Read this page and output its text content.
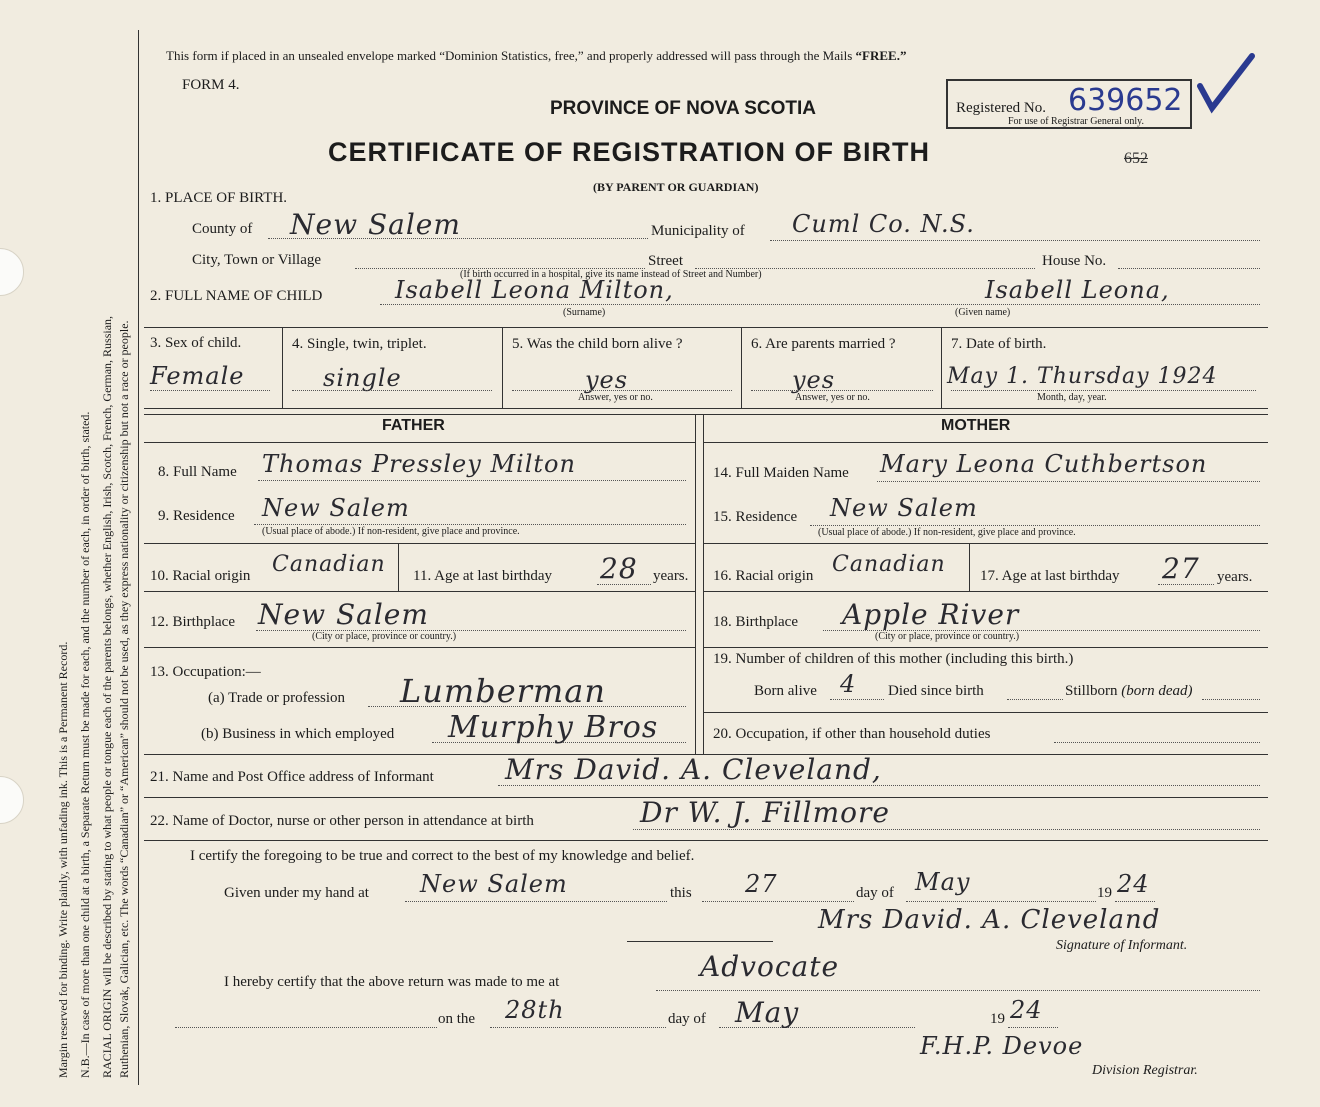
Margin reserved for binding. Write plainly, with unfading ink. This is a Permanent Record. N.B.—In case of more than one child at a birth, a Separate Return must be made for each, and the number of each, in order of birth, stated. RACIAL ORIGIN will be described by stating to what people or tongue each of the parents belongs, whether English, Irish, Scotch, French, German, Russian, Ruthenian, Slovak, Galician, etc. The words “Canadian” or “American” should not be used, as they express nationality or citizenship but not a race or people.
This form if placed in an unsealed envelope marked “Dominion Statistics, free,” and properly addressed will pass through the Mails “FREE.”
FORM 4.
PROVINCE OF NOVA SCOTIA
CERTIFICATE OF REGISTRATION OF BIRTH
(BY PARENT OR GUARDIAN)
Registered No. 639652
For use of Registrar General only.
652
1. PLACE OF BIRTH.
County of New Salem	Municipality of Cuml Co. N.S.
City, Town or Village	Street	House No.
(If birth occurred in a hospital, give its name instead of Street and Number)
2. FULL NAME OF CHILD	Isabell Leona Milton,	Isabell Leona,
(Surname)	(Given name)
3. Sex of child.
Female
4. Single, twin, triplet.
single
5. Was the child born alive ?
yes
Answer, yes or no.
6. Are parents married ?
yes
Answer, yes or no.
7. Date of birth.
May 1. Thursday 1924
Month, day, year.
FATHER	MOTHER
8. Full Name Thomas Pressley Milton	14. Full Maiden Name Mary Leona Cuthbertson
9. Residence New Salem
(Usual place of abode.) If non-resident, give place and province.
15. Residence New Salem
(Usual place of abode.) If non-resident, give place and province.
10. Racial origin Canadian 11. Age at last birthday 28 years. 16. Racial origin Canadian 17. Age at last birthday 27 years.
12. Birthplace New Salem
(City or place, province or country.)
18. Birthplace Apple River
(City or place, province or country.)
13. Occupation:—
(a) Trade or profession Lumberman
(b) Business in which employed Murphy Bros
19. Number of children of this mother (including this birth.)
Born alive 4 Died since birth	Stillborn (born dead)
20. Occupation, if other than household duties
21. Name and Post Office address of Informant	Mrs David. A. Cleveland,
22. Name of Doctor, nurse or other person in attendance at birth	Dr W. J. Fillmore
I certify the foregoing to be true and correct to the best of my knowledge and belief.
Given under my hand at New Salem	this 27	day of May	19 24
Mrs David. A. Cleveland
Signature of Informant.
I hereby certify that the above return was made to me at	Advocate
on the 28th	day of May	19 24
F.H.P. Devoe
Division Registrar.
